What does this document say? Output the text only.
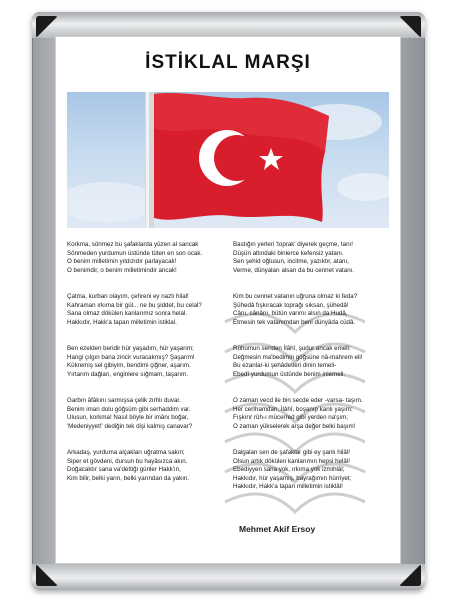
İSTİKLAL MARŞI
Korkma, sönmez bu şafaklarda yüzen al sancak
Sönmeden yurdumun üstünde tüten en son ocak.
O benim milletimin yıldızıdır parlayacak!
O benimdir, o benim milletimindir ancak!
Çatma, kurban olayım, çehreni ey nazlı hilal!
Kahraman ırkıma bir gül... ne bu şiddet, bu celal?
Sana olmaz dökülen kanlarımız sonra helal.
Hakkıdır, Hakk'a tapan milletimin istiklal.
Ben ezelden beridir hür yaşadım, hür yaşarım;
Hangi çılgın bana zincir vuracakmış? Şaşarım!
Kükremiş sel gibiyim, bendimi çiğner, aşarım.
Yırtarım dağları, enginlere sığmam, taşarım.
Garbın âfâkını sarmışsa çelik zırhlı duvar.
Benim iman dolu göğsüm gibi serhaddim var.
Ulusun, korkma! Nasıl böyle bir imânı boğar,
'Medeniyyet!' dediğin tek dişi kalmış canavar?
Arkadaş, yurduma alçakları uğratma sakın;
Siper et gövdeni, dursun bu hayâsızca akın.
Doğacaktır sana va'dettiği günler Hakk'ın,
Kim bilir, belki yarın, belki yarından da yakın.
Bastığın yerleri 'toprak' diyerek geçme, tanı!
Düşün altındaki binlerce kefensiz yatanı.
Sen şehid oğlusun, incitme, yazıktır, atanı,
Verme, dünyaları alsan da bu cennet vatanı.
Kim bu cennet vatanın uğruna olmaz ki feda?
Şühedâ fışkıracak toprağı sıksan, şühedâ!
Cânı, cânânı, bütün varımı alsın da Hudâ,
Etmesin tek vatanımdan beni dünyâda cüdâ.
Rûhumun senden İlâhî, şudur ancak emeli:
Değmesin ma'bedimin göğsüne nâ-mahrem eli!
Bu ezanlar-ki şehâdetleri dinin temeli-
Ebedî yurdumun üstünde benim inlemeli.
O zaman vecd ile bin secde eder -varsa- taşım.
Her cerîhamdan, İlâhî, boşanıp kanlı yaşım;
Fışkırır rûh-ı mücerred gibi yerden na'şım;
O zaman yükselerek arşa değer belki başım!
Dalgalan sen de şafaklar gibi ey şanlı hilâl!
Olsun artık dökülen kanlarımın hepsi helâl!
Ebediyyen sana yok, ırkıma yok izmihlâl;
Hakkıdır, hür yaşamış, bayrağımın hürriyet;
Hakkıdır, Hakk'a tapan milletimin istiklâl!
Mehmet Akif Ersoy
